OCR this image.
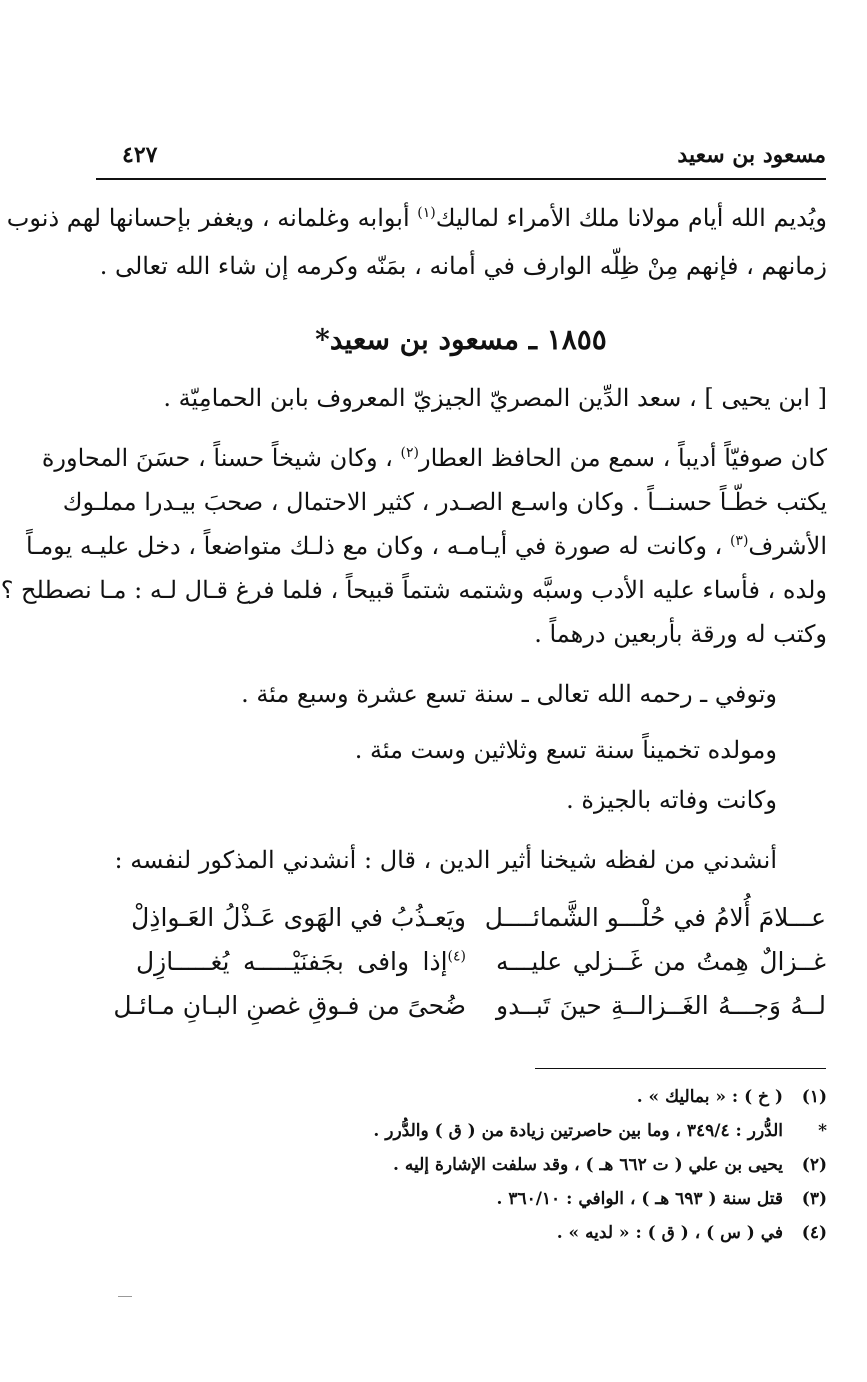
مسعود بن سعيد
٤٢٧
ويُديم الله أيام مولانا ملك الأمراء لماليك$^{(١)}$ أبوابه وغلمانه ، ويغفر بإحسانها لهم ذنوب
زمانهم ، فإنهم مِنْ ظِلّه الوارف في أمانه ، بمَنّه وكرمه إن شاء الله تعالى .
١٨٥٥ ـ مسعود بن سعيد*
[ ابن يحيى ] ، سعد الدِّين المصريّ الجيزيّ المعروف بابن الحمامِيّة .
كان صوفيّاً أديباً ، سمع من الحافظ العطار$^{(٢)}$ ، وكان شيخاً حسناً ، حسَنَ المحاورة
يكتب خطّـاً حسنــاً . وكان واسـع الصـدر ، كثير الاحتمال ، صحبَ بيـدرا مملـوك
الأشرف$^{(٣)}$ ، وكانت له صورة في أيـامـه ، وكان مع ذلـك متواضعاً ، دخل عليـه يومـاً
ولده ، فأساء عليه الأدب وسبَّه وشتمه شتماً قبيحاً ، فلما فرغ قـال لـه : مـا نصطلح ؟
وكتب له ورقة بأربعين درهماً .
وتوفي ـ رحمه الله تعالى ـ سنة تسع عشرة وسبع مئة .
ومولده تخميناً سنة تسع وثلاثين وست مئة .
وكانت وفاته بالجيزة .
أنشدني من لفظه شيخنا أثير الدين ، قال : أنشدني المذكور لنفسه :
عـــلامَ أُلامُ في حُلْـــو الشَّمائــــل
ويَعـذُبُ في الهَوى عَـذْلُ العَـواذِلْ
غــزالٌ هِمتُ من غَــزلي عليـــه
$^{(٤)}$إذا وافى بجَفنَيْـــــه يُغـــــازِل
لــهُ وَجـــهُ الغَــزالــةِ حينَ تَبــدو
ضُحىً من فـوقِ غصنِ البـانِ مـائـل
(١)( خ ) : « بماليك » .
*الدُّرر : ٣٤٩/٤ ، وما بين حاصرتين زيادة من ( ق ) والدُّرر .
(٢)يحيى بن علي ( ت ٦٦٢ هـ ) ، وقد سلفت الإشارة إليه .
(٣)قتل سنة ( ٦٩٣ هـ ) ، الوافي : ٣٦٠/١٠ .
(٤)في ( س ) ، ( ق ) : « لديه » .
